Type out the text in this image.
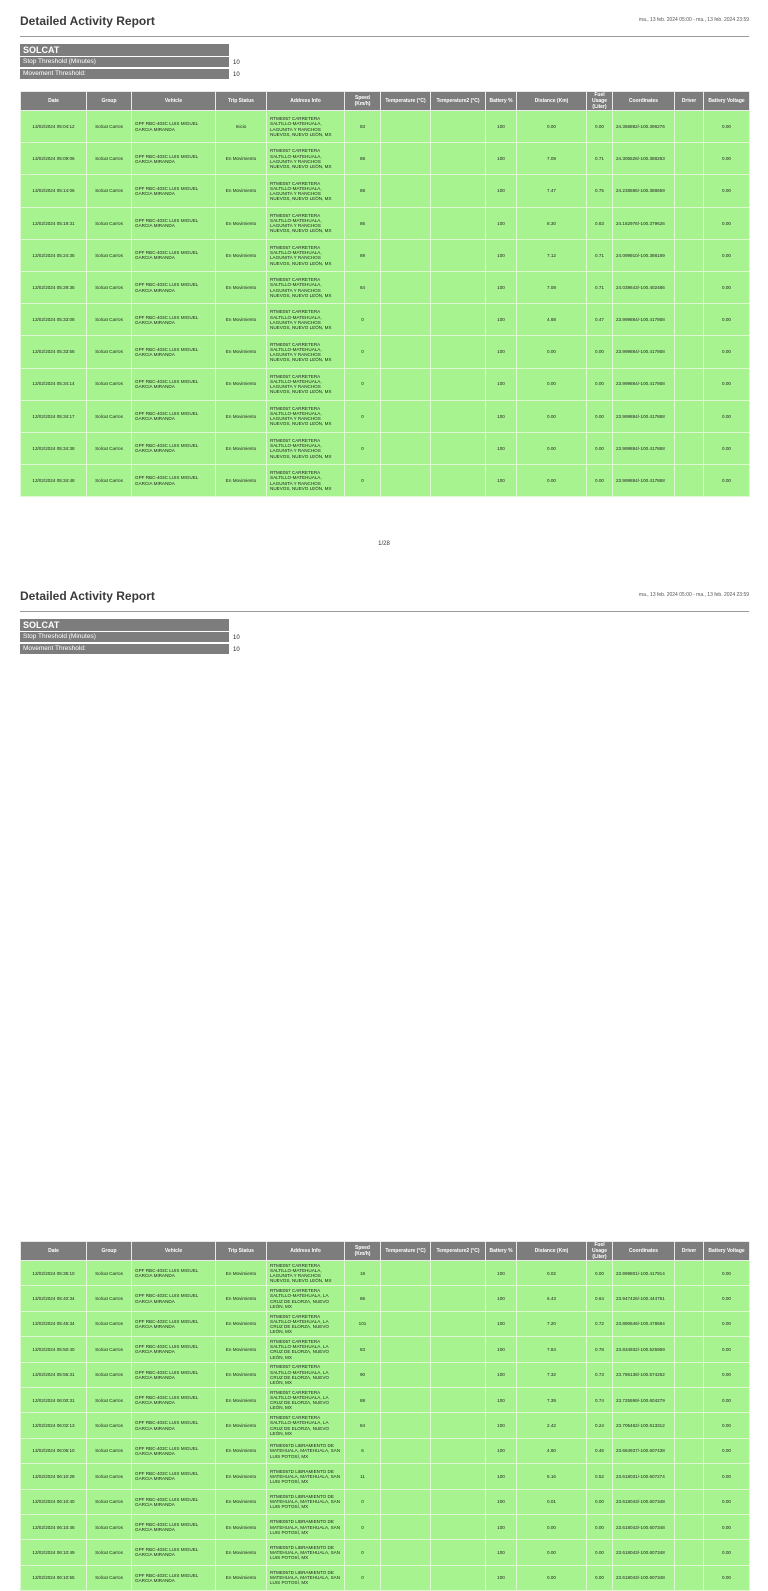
Detailed Activity Report	ma., 13 feb. 2024 05:00 - ma., 13 feb. 2024 23:59
SOLCAT
Stop Threshold (Minutes)	10
Movement Threshold:	10
Date	Group	Vehicle	Trip Status	Address Info	Speed (Km/h)	Temperature (°C)	Temperature2 (°C)	Battery %	Distance (Km)	Fuel Usage (Liter)	Coordinates	Driver	Battery Voltage
13/02/2024 05:04:12	Solcat Carros	GPF RBC-403C LUIS MIGUEL GARCIA MIRANDA	Inicio	RTME057 CARRETERA SALTILLO-MATEHUALA, LAGUNITA Y RANCHOS NUEVOS, NUEVO LEÓN, MX	83			100	0.00	0.00	24.368882/-100.396276		0.00
13/02/2024 05:09:06	Solcat Carros	GPF RBC-403C LUIS MIGUEL GARCIA MIRANDA	En Movimiento	RTME057 CARRETERA SALTILLO-MATEHUALA, LAGUNITA Y RANCHOS NUEVOS, NUEVO LEÓN, MX	88			100	7.09	0.71	24.305526/-100.388283		0.00
13/02/2024 05:14:06	Solcat Carros	GPF RBC-403C LUIS MIGUEL GARCIA MIRANDA	En Movimiento	RTME057 CARRETERA SALTILLO-MATEHUALA, LAGUNITA Y RANCHOS NUEVOS, NUEVO LEÓN, MX	88			100	7.47	0.75	24.238586/-100.388659		0.00
13/02/2024 05:19:31	Solcat Carros	GPF RBC-403C LUIS MIGUEL GARCIA MIRANDA	En Movimiento	RTME057 CARRETERA SALTILLO-MATEHUALA, LAGUNITA Y RANCHOS NUEVOS, NUEVO LEÓN, MX	86			100	8.30	0.83	24.162976/-100.379626		0.00
13/02/2024 05:24:35	Solcat Carros	GPF RBC-403C LUIS MIGUEL GARCIA MIRANDA	En Movimiento	RTME057 CARRETERA SALTILLO-MATEHUALA, LAGUNITA Y RANCHOS NUEVOS, NUEVO LEÓN, MX	89			100	7.12	0.71	24.099910/-100.388169		0.00
13/02/2024 05:29:35	Solcat Carros	GPF RBC-403C LUIS MIGUEL GARCIA MIRANDA	En Movimiento	RTME057 CARRETERA SALTILLO-MATEHUALA, LAGUNITA Y RANCHOS NUEVOS, NUEVO LEÓN, MX	84			100	7.08	0.71	24.039643/-100.402486		0.00
13/02/2024 05:33:08	Solcat Carros	GPF RBC-403C LUIS MIGUEL GARCIA MIRANDA	En Movimiento	RTME057 CARRETERA SALTILLO-MATEHUALA, LAGUNITA Y RANCHOS NUEVOS, NUEVO LEÓN, MX	0			100	4.68	0.47	23.999884/-100.417868		0.00
13/02/2024 05:33:56	Solcat Carros	GPF RBC-403C LUIS MIGUEL GARCIA MIRANDA	En Movimiento	RTME057 CARRETERA SALTILLO-MATEHUALA, LAGUNITA Y RANCHOS NUEVOS, NUEVO LEÓN, MX	0			100	0.00	0.00	23.999884/-100.417868		0.00
13/02/2024 05:34:14	Solcat Carros	GPF RBC-403C LUIS MIGUEL GARCIA MIRANDA	En Movimiento	RTME057 CARRETERA SALTILLO-MATEHUALA, LAGUNITA Y RANCHOS NUEVOS, NUEVO LEÓN, MX	0			100	0.00	0.00	23.999884/-100.417868		0.00
13/02/2024 05:34:17	Solcat Carros	GPF RBC-403C LUIS MIGUEL GARCIA MIRANDA	En Movimiento	RTME057 CARRETERA SALTILLO-MATEHUALA, LAGUNITA Y RANCHOS NUEVOS, NUEVO LEÓN, MX	0			100	0.00	0.00	23.999884/-100.417868		0.00
13/02/2024 05:34:38	Solcat Carros	GPF RBC-403C LUIS MIGUEL GARCIA MIRANDA	En Movimiento	RTME057 CARRETERA SALTILLO-MATEHUALA, LAGUNITA Y RANCHOS NUEVOS, NUEVO LEÓN, MX	0			100	0.00	0.00	23.999884/-100.417868		0.00
13/02/2024 05:34:48	Solcat Carros	GPF RBC-403C LUIS MIGUEL GARCIA MIRANDA	En Movimiento	RTME057 CARRETERA SALTILLO-MATEHUALA, LAGUNITA Y RANCHOS NUEVOS, NUEVO LEÓN, MX	0			100	0.00	0.00	23.999884/-100.417868		0.00
1/28
Detailed Activity Report	ma., 13 feb. 2024 05:00 - ma., 13 feb. 2024 23:59
SOLCAT
Stop Threshold (Minutes)	10
Movement Threshold:	10
Date	Group	Vehicle	Trip Status	Address Info	Speed (Km/h)	Temperature (°C)	Temperature2 (°C)	Battery %	Distance (Km)	Fuel Usage (Liter)	Coordinates	Driver	Battery Voltage
13/02/2024 05:35:10	Solcat Carros	GPF RBC-403C LUIS MIGUEL GARCIA MIRANDA	En Movimiento	RTME057 CARRETERA SALTILLO-MATEHUALA, LAGUNITA Y RANCHOS NUEVOS, NUEVO LEÓN, MX	19			100	0.02	0.00	23.999801/-100.417914		0.00
13/02/2024 05:40:34	Solcat Carros	GPF RBC-403C LUIS MIGUEL GARCIA MIRANDA	En Movimiento	RTME057 CARRETERA SALTILLO-MATEHUALA, LA CRUZ DE ELORZA, NUEVO LEÓN, MX	86			100	6.43	0.64	23.947426/-100.444761		0.00
13/02/2024 05:45:34	Solcat Carros	GPF RBC-403C LUIS MIGUEL GARCIA MIRANDA	En Movimiento	RTME057 CARRETERA SALTILLO-MATEHUALA, LA CRUZ DE ELORZA, NUEVO LEÓN, MX	101			100	7.20	0.72	23.890646/-100.478684		0.00
13/02/2024 05:50:40	Solcat Carros	GPF RBC-403C LUIS MIGUEL GARCIA MIRANDA	En Movimiento	RTME057 CARRETERA SALTILLO-MATEHUALA, LA CRUZ DE ELORZA, NUEVO LEÓN, MX	83			100	7.84	0.78	23.834932/-100.525959		0.00
13/02/2024 05:55:31	Solcat Carros	GPF RBC-403C LUIS MIGUEL GARCIA MIRANDA	En Movimiento	RTME057 CARRETERA SALTILLO-MATEHUALA, LA CRUZ DE ELORZA, NUEVO LEÓN, MX	90			100	7.32	0.73	23.786138/-100.574262		0.00
13/02/2024 06:00:31	Solcat Carros	GPF RBC-403C LUIS MIGUEL GARCIA MIRANDA	En Movimiento	RTME057 CARRETERA SALTILLO-MATEHUALA, LA CRUZ DE ELORZA, NUEVO LEÓN, MX	88			100	7.39	0.74	23.725599/-100.604279		0.00
13/02/2024 06:02:13	Solcat Carros	GPF RBC-403C LUIS MIGUEL GARCIA MIRANDA	En Movimiento	RTME057 CARRETERA SALTILLO-MATEHUALA, LA CRUZ DE ELORZA, NUEVO LEÓN, MX	84			100	2.42	0.24	23.705462/-100.613312		0.00
13/02/2024 06:06:10	Solcat Carros	GPF RBC-403C LUIS MIGUEL GARCIA MIRANDA	En Movimiento	RTME057D LIBRAMIENTO DE MATEHUALA, MATEHUALA, SAN LUIS POTOSÍ, MX	6			100	4.60	0.46	23.664937/-100.607438		0.00
13/02/2024 06:10:28	Solcat Carros	GPF RBC-403C LUIS MIGUEL GARCIA MIRANDA	En Movimiento	RTME057D LIBRAMIENTO DE MATEHUALA, MATEHUALA, SAN LUIS POTOSÍ, MX	11			100	5.16	0.52	23.618031/-100.607274		0.00
13/02/2024 06:10:40	Solcat Carros	GPF RBC-403C LUIS MIGUEL GARCIA MIRANDA	En Movimiento	RTME057D LIBRAMIENTO DE MATEHUALA, MATEHUALA, SAN LUIS POTOSÍ, MX	0			100	0.01	0.00	23.618043/-100.607348		0.00
13/02/2024 06:10:46	Solcat Carros	GPF RBC-403C LUIS MIGUEL GARCIA MIRANDA	En Movimiento	RTME057D LIBRAMIENTO DE MATEHUALA, MATEHUALA, SAN LUIS POTOSÍ, MX	0			100	0.00	0.00	23.618043/-100.607348		0.00
13/02/2024 06:10:49	Solcat Carros	GPF RBC-403C LUIS MIGUEL GARCIA MIRANDA	En Movimiento	RTME057D LIBRAMIENTO DE MATEHUALA, MATEHUALA, SAN LUIS POTOSÍ, MX	0			100	0.00	0.00	23.618043/-100.607348		0.00
13/02/2024 06:10:55	Solcat Carros	GPF RBC-403C LUIS MIGUEL GARCIA MIRANDA	En Movimiento	RTME057D LIBRAMIENTO DE MATEHUALA, MATEHUALA, SAN LUIS POTOSÍ, MX	0			100	0.00	0.00	23.618043/-100.607348		0.00
